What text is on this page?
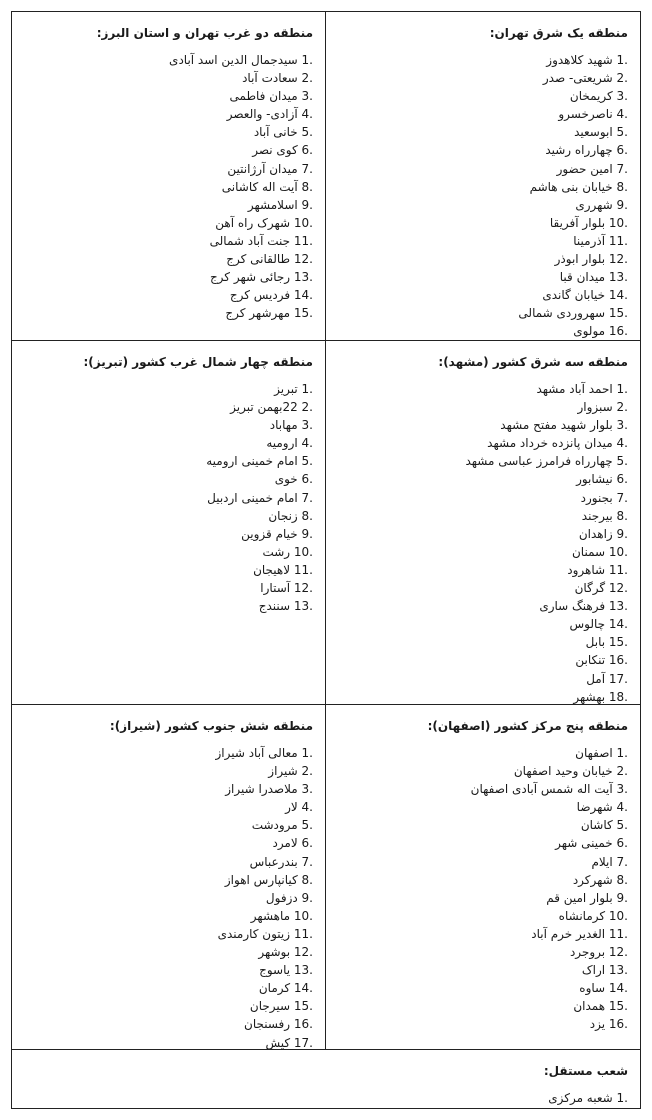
منطقه یک شرق تهران:
1. شهید کلاهدوز
2. شریعتی- صدر
3. کریمخان
4. ناصرخسرو
5. ابوسعید
6. چهارراه رشید
7. امین حضور
8. خیابان بنی هاشم
9. شهرری
10. بلوار آفریقا
11. آذرمینا
12. بلوار ابوذر
13. میدان قبا
14. خیابان گاندی
15. سهروردی شمالی
16. مولوی
منطقه دو غرب تهران و استان البرز:
1. سیدجمال الدین اسد آبادی
2. سعادت آباد
3. میدان فاطمی
4. آزادی- والعصر
5. خانی آباد
6. کوی نصر
7. میدان آرژانتین
8. آیت اله کاشانی
9. اسلامشهر
10. شهرک راه آهن
11. جنت آباد شمالی
12. طالقانی کرج
13. رجائی شهر کرج
14. فردیس کرج
15. مهرشهر کرج
منطقه سه شرق کشور (مشهد):
1. احمد آباد مشهد
2. سبزوار
3. بلوار شهید مفتح مشهد
4. میدان پانزده خرداد مشهد
5. چهارراه فرامرز عباسی مشهد
6. نیشابور
7. بجنورد
8. بیرجند
9. زاهدان
10. سمنان
11. شاهرود
12. گرگان
13. فرهنگ ساری
14. چالوس
15. بابل
16. تنکابن
17. آمل
18. بهشهر
منطقه چهار شمال غرب کشور (تبریز):
1. تبریز
2. 22بهمن تبریز
3. مهاباد
4. ارومیه
5. امام خمینی ارومیه
6. خوی
7. امام خمینی اردبیل
8. زنجان
9. خیام قزوین
10. رشت
11. لاهیجان
12. آستارا
13. سنندج
منطقه پنج مرکز کشور (اصفهان):
1. اصفهان
2. خیابان وحید اصفهان
3. آیت اله شمس آبادی اصفهان
4. شهرضا
5. کاشان
6. خمینی شهر
7. ایلام
8. شهرکرد
9. بلوار امین قم
10. کرمانشاه
11. الغدیر خرم آباد
12. بروجرد
13. اراک
14. ساوه
15. همدان
16. یزد
منطقه شش جنوب کشور (شیراز):
1. معالی آباد شیراز
2. شیراز
3. ملاصدرا شیراز
4. لار
5. مرودشت
6. لامرد
7. بندرعباس
8. کیانپارس اهواز
9. دزفول
10. ماهشهر
11. زیتون کارمندی
12. بوشهر
13. یاسوج
14. کرمان
15. سیرجان
16. رفسنجان
17. کیش
شعب مستقل:
1. شعبه مرکزی
